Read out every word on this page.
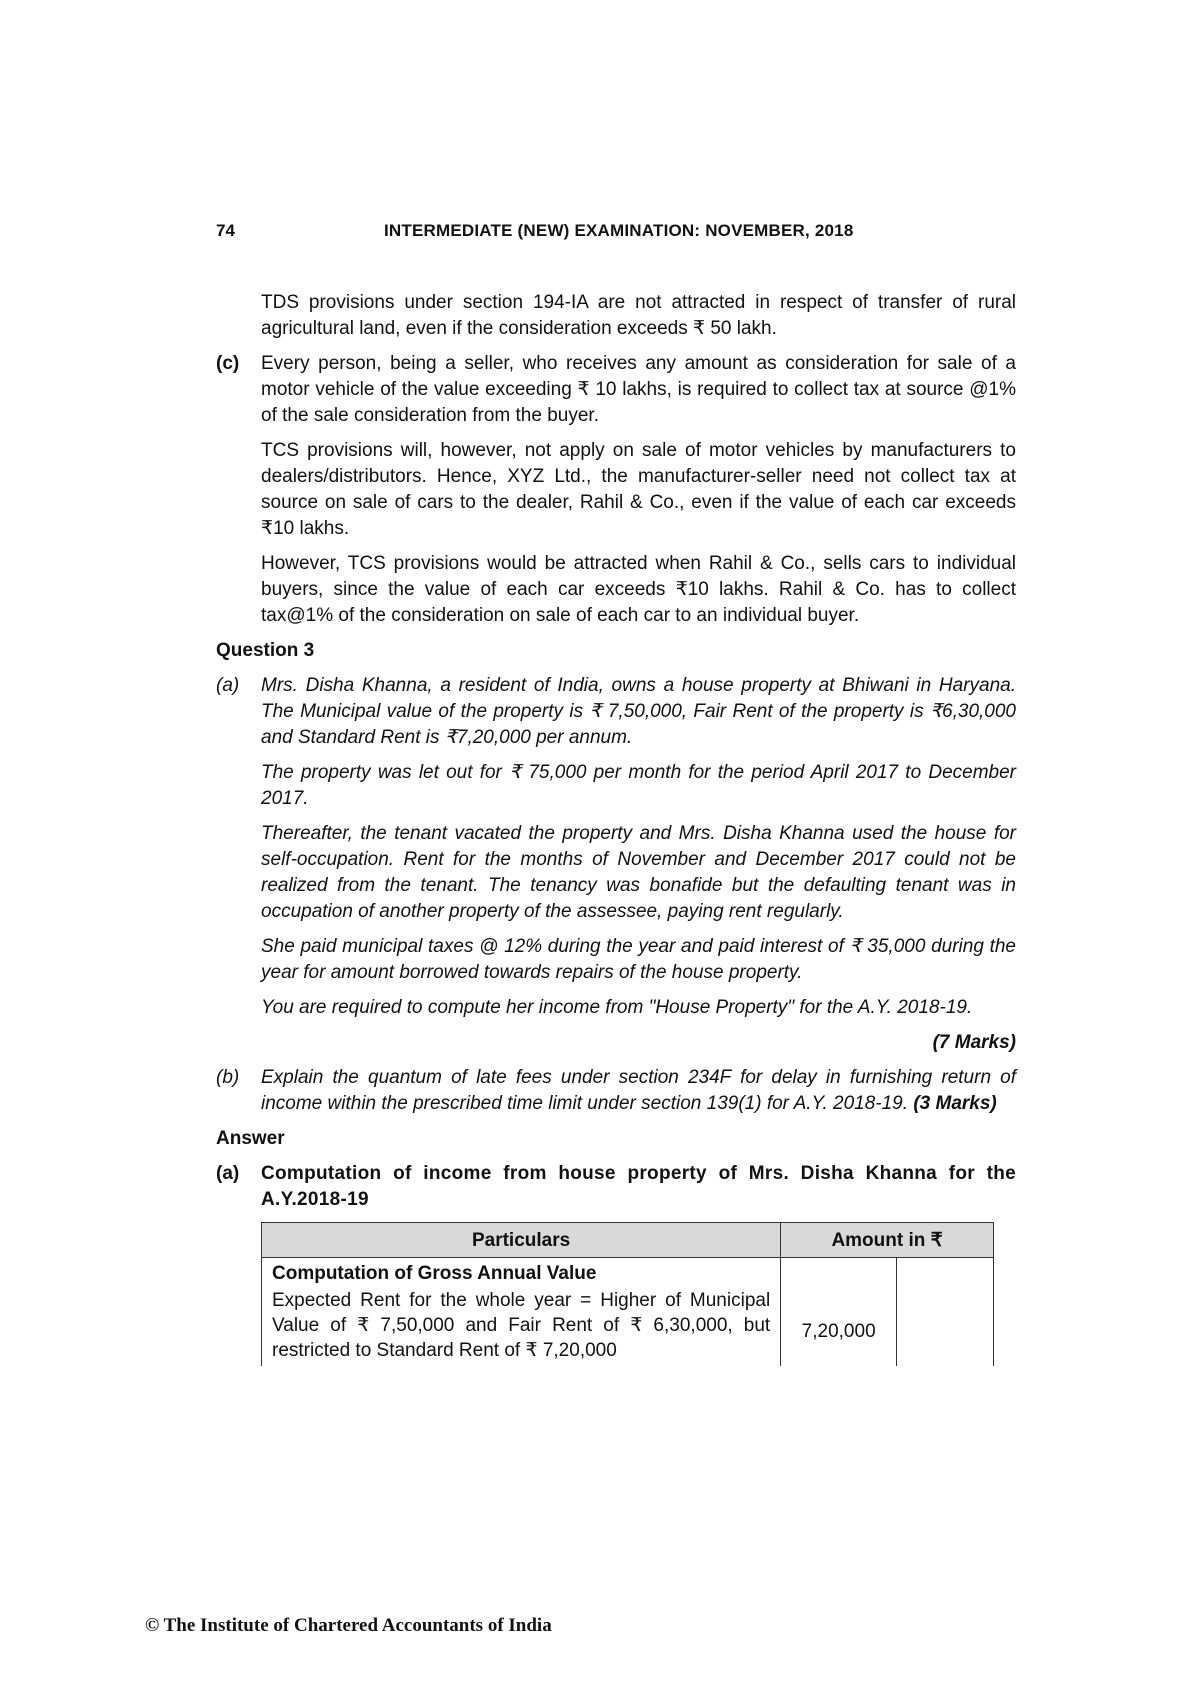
74	INTERMEDIATE (NEW) EXAMINATION: NOVEMBER, 2018

TDS provisions under section 194-IA are not attracted in respect of transfer of rural agricultural land, even if the consideration exceeds ₹ 50 lakh.

(c)	Every person, being a seller, who receives any amount as consideration for sale of a motor vehicle of the value exceeding ₹ 10 lakhs, is required to collect tax at source @1% of the sale consideration from the buyer.

TCS provisions will, however, not apply on sale of motor vehicles by manufacturers to dealers/distributors. Hence, XYZ Ltd., the manufacturer-seller need not collect tax at source on sale of cars to the dealer, Rahil & Co., even if the value of each car exceeds ₹10 lakhs.

However, TCS provisions would be attracted when Rahil & Co., sells cars to individual buyers, since the value of each car exceeds ₹10 lakhs. Rahil & Co. has to collect tax@1% of the consideration on sale of each car to an individual buyer.

Question 3
(a)	Mrs. Disha Khanna, a resident of India, owns a house property at Bhiwani in Haryana. The Municipal value of the property is ₹ 7,50,000, Fair Rent of the property is ₹6,30,000 and Standard Rent is ₹7,20,000 per annum.

The property was let out for ₹ 75,000 per month for the period April 2017 to December 2017.

Thereafter, the tenant vacated the property and Mrs. Disha Khanna used the house for self-occupation. Rent for the months of November and December 2017 could not be realized from the tenant. The tenancy was bonafide but the defaulting tenant was in occupation of another property of the assessee, paying rent regularly.

She paid municipal taxes @ 12% during the year and paid interest of ₹ 35,000 during the year for amount borrowed towards repairs of the house property.

You are required to compute her income from "House Property" for the A.Y. 2018-19.

(7 Marks)
(b)	Explain the quantum of late fees under section 234F for delay in furnishing return of income within the prescribed time limit under section 139(1) for A.Y. 2018-19. (3 Marks)
Answer
(a)	Computation of income from house property of Mrs. Disha Khanna for the A.Y.2018-19
Particulars	Amount in ₹	

Computation of Gross Annual Value
Expected Rent for the whole year = Higher of Municipal Value of ₹ 7,50,000 and Fair Rent of ₹ 6,30,000, but restricted to Standard Rent of ₹ 7,20,000	7,20,000	
© The Institute of Chartered Accountants of India
